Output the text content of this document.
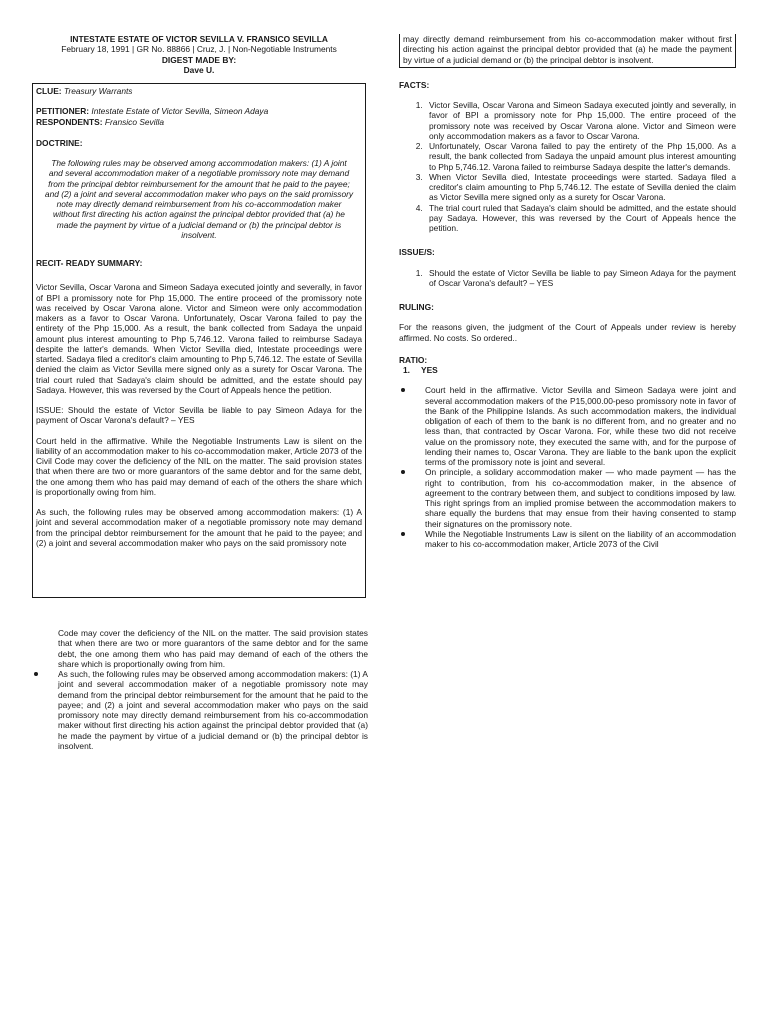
INTESTATE ESTATE OF VICTOR SEVILLA V. FRANSICO SEVILLA
February 18, 1991 | GR No. 88866 | Cruz, J. | Non-Negotiable Instruments
DIGEST MADE BY:
Dave U.

CLUE: Treasury Warrants

PETITIONER: Intestate Estate of Victor Sevilla, Simeon Adaya
RESPONDENTS: Fransico Sevilla

DOCTRINE:

The following rules may be observed among accommodation makers: (1) A joint and several accommodation maker of a negotiable promissory note may demand from the principal debtor reimbursement for the amount that he paid to the payee; and (2) a joint and several accommodation maker who pays on the said promissory note may directly demand reimbursement from his co-accommodation maker without first directing his action against the principal debtor provided that (a) he made the payment by virtue of a judicial demand or (b) the principal debtor is insolvent.

RECIT- READY SUMMARY:

Victor Sevilla, Oscar Varona and Simeon Sadaya executed jointly and severally, in favor of BPI a promissory note for Php 15,000. The entire proceed of the promissory note was received by Oscar Varona alone. Victor and Simeon were only accommodation makers as a favor to Oscar Varona. Unfortunately, Oscar Varona failed to pay the entirety of the Php 15,000. As a result, the bank collected from Sadaya the unpaid amount plus interest amounting to Php 5,746.12. Varona failed to reimburse Sadaya despite the latter's demands. When Victor Sevilla died, Intestate proceedings were started. Sadaya filed a creditor's claim amounting to Php 5,746.12. The estate of Sevilla denied the claim as Victor Sevilla mere signed only as a surety for Oscar Varona. The trial court ruled that Sadaya's claim should be admitted, and the estate should pay Sadaya. However, this was reversed by the Court of Appeals hence the petition.

ISSUE: Should the estate of Victor Sevilla be liable to pay Simeon Adaya for the payment of Oscar Varona's default? – YES

Court held in the affirmative. While the Negotiable Instruments Law is silent on the liability of an accommodation maker to his co-accommodation maker, Article 2073 of the Civil Code may cover the deficiency of the NIL on the matter. The said provision states that when there are two or more guarantors of the same debtor and for the same debt, the one among them who has paid may demand of each of the others the share which is proportionally owing from him.

As such, the following rules may be observed among accommodation makers: (1) A joint and several accommodation maker of a negotiable promissory note may demand from the principal debtor reimbursement for the amount that he paid to the payee; and (2) a joint and several accommodation maker who pays on the said promissory note

may directly demand reimbursement from his co-accommodation maker without first directing his action against the principal debtor provided that (a) he made the payment by virtue of a judicial demand or (b) the principal debtor is insolvent.
FACTS:
1. Victor Sevilla, Oscar Varona and Simeon Sadaya executed jointly and severally, in favor of BPI a promissory note for Php 15,000. The entire proceed of the promissory note was received by Oscar Varona alone. Victor and Simeon were only accommodation makers as a favor to Oscar Varona.
2. Unfortunately, Oscar Varona failed to pay the entirety of the Php 15,000. As a result, the bank collected from Sadaya the unpaid amount plus interest amounting to Php 5,746.12. Varona failed to reimburse Sadaya despite the latter's demands.
3. When Victor Sevilla died, Intestate proceedings were started. Sadaya filed a creditor's claim amounting to Php 5,746.12. The estate of Sevilla denied the claim as Victor Sevilla mere signed only as a surety for Oscar Varona.
4. The trial court ruled that Sadaya's claim should be admitted, and the estate should pay Sadaya. However, this was reversed by the Court of Appeals hence the petition.
ISSUE/S:
1. Should the estate of Victor Sevilla be liable to pay Simeon Adaya for the payment of Oscar Varona's default? – YES
RULING:

For the reasons given, the judgment of the Court of Appeals under review is hereby affirmed. No costs. So ordered..

RATIO:
1. YES
Court held in the affirmative. Victor Sevilla and Simeon Sadaya were joint and several accommodation makers of the P15,000.00-peso promissory note in favor of the Bank of the Philippine Islands. As such accommodation makers, the individual obligation of each of them to the bank is no different from, and no greater and no less than, that contracted by Oscar Varona. For, while these two did not receive value on the promissory note, they executed the same with, and for the purpose of lending their names to, Oscar Varona. They are liable to the bank upon the explicit terms of the promissory note is joint and several.
On principle, a solidary accommodation maker — who made payment — has the right to contribution, from his co-accommodation maker, in the absence of agreement to the contrary between them, and subject to conditions imposed by law. This right springs from an implied promise between the accommodation makers to share equally the burdens that may ensue from their having consented to stamp their signatures on the promissory note.
While the Negotiable Instruments Law is silent on the liability of an accommodation maker to his co-accommodation maker, Article 2073 of the Civil
Code may cover the deficiency of the NIL on the matter. The said provision states that when there are two or more guarantors of the same debtor and for the same debt, the one among them who has paid may demand of each of the others the share which is proportionally owing from him.
As such, the following rules may be observed among accommodation makers: (1) A joint and several accommodation maker of a negotiable promissory note may demand from the principal debtor reimbursement for the amount that he paid to the payee; and (2) a joint and several accommodation maker who pays on the said promissory note may directly demand reimbursement from his co-accommodation maker without first directing his action against the principal debtor provided that (a) he made the payment by virtue of a judicial demand or (b) the principal debtor is insolvent.
